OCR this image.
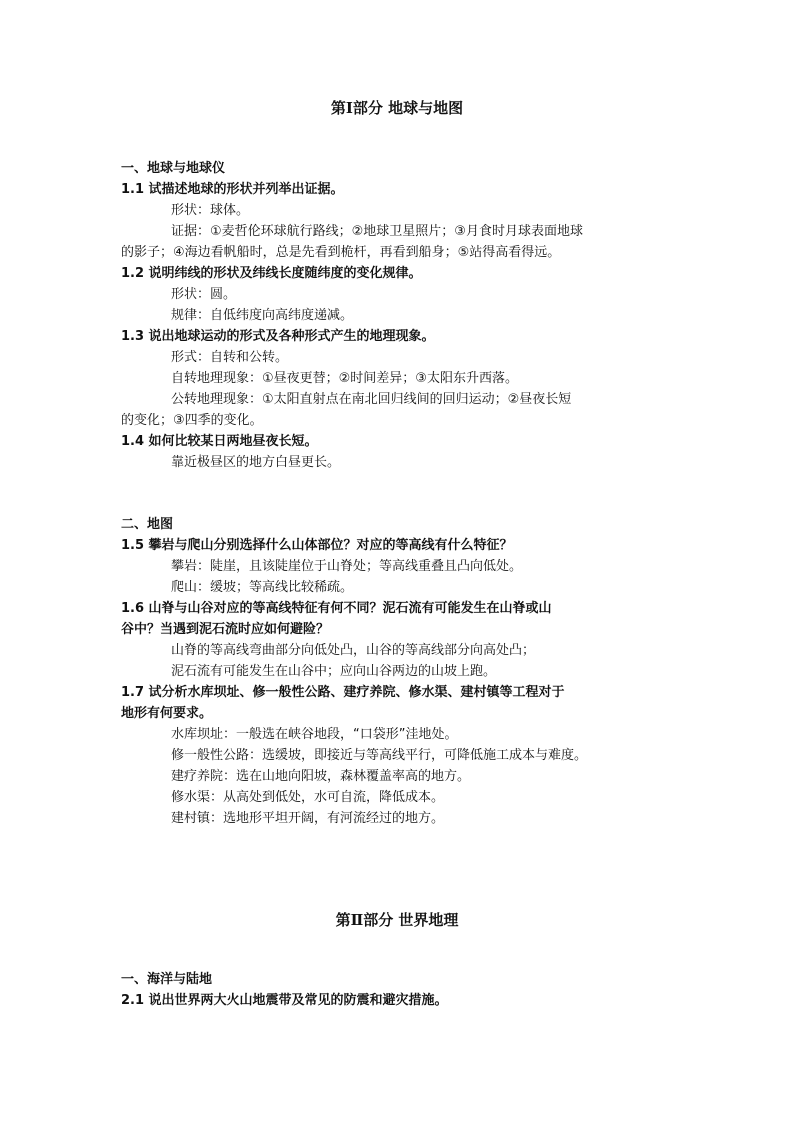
第Ⅰ部分 地球与地图
一、地球与地球仪
1.1 试描述地球的形状并列举出证据。
形状：球体。
证据：①麦哲伦环球航行路线；②地球卫星照片；③月食时月球表面地球
的影子；④海边看帆船时，总是先看到桅杆，再看到船身；⑤站得高看得远。
1.2 说明纬线的形状及纬线长度随纬度的变化规律。
形状：圆。
规律：自低纬度向高纬度递减。
1.3 说出地球运动的形式及各种形式产生的地理现象。
形式：自转和公转。
自转地理现象：①昼夜更替；②时间差异；③太阳东升西落。
公转地理现象：①太阳直射点在南北回归线间的回归运动；②昼夜长短
的变化；③四季的变化。
1.4 如何比较某日两地昼夜长短。
靠近极昼区的地方白昼更长。
二、地图
1.5 攀岩与爬山分别选择什么山体部位？对应的等高线有什么特征？
攀岩：陡崖，且该陡崖位于山脊处；等高线重叠且凸向低处。
爬山：缓坡；等高线比较稀疏。
1.6 山脊与山谷对应的等高线特征有何不同？泥石流有可能发生在山脊或山
谷中？当遇到泥石流时应如何避险？
山脊的等高线弯曲部分向低处凸，山谷的等高线部分向高处凸；
泥石流有可能发生在山谷中；应向山谷两边的山坡上跑。
1.7 试分析水库坝址、修一般性公路、建疗养院、修水渠、建村镇等工程对于
地形有何要求。
水库坝址：一般选在峡谷地段，“口袋形”洼地处。
修一般性公路：选缓坡，即接近与等高线平行，可降低施工成本与难度。
建疗养院：选在山地向阳坡，森林覆盖率高的地方。
修水渠：从高处到低处，水可自流，降低成本。
建村镇：选地形平坦开阔，有河流经过的地方。
第Ⅱ部分 世界地理
一、海洋与陆地
2.1 说出世界两大火山地震带及常见的防震和避灾措施。
